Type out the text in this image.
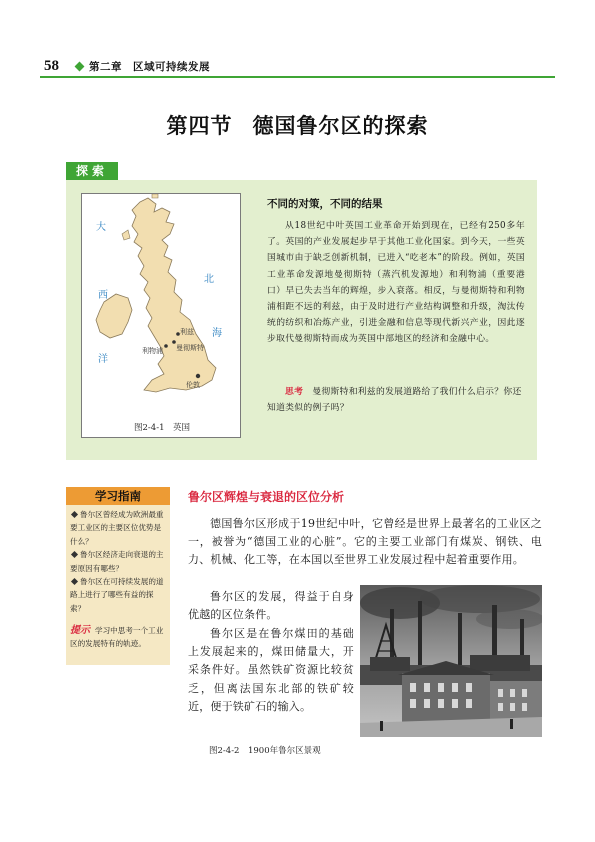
58	第二章　区域可持续发展
第四节 德国鲁尔区的探索
探索
大
西
洋
北
海
利兹
曼彻斯特
利物浦
伦敦
图2-4-1　英国
不同的对策，不同的结果
从18世纪中叶英国工业革命开始到现在，已经有250多年了。英国的产业发展起步早于其他工业化国家。到今天，一些英国城市由于缺乏创新机制，已进入“吃老本”的阶段。例如，英国工业革命发源地曼彻斯特（蒸汽机发源地）和利物浦（重要港口）早已失去当年的辉煌，步入衰落。相反，与曼彻斯特和利物浦相距不远的利兹，由于及时进行产业结构调整和升级，淘汰传统的纺织和冶炼产业，引进金融和信息等现代新兴产业，因此逐步取代曼彻斯特而成为英国中部地区的经济和金融中心。
思考　 曼彻斯特和利兹的发展道路给了我们什么启示？你还知道类似的例子吗？
学习指南
鲁尔区曾经成为欧洲最重要工业区的主要区位优势是什么？
鲁尔区经济走向衰退的主要原因有哪些？
鲁尔区在可持续发展的道路上进行了哪些有益的探索？
提示 学习中思考一个工业区的发展特有的轨迹。
鲁尔区辉煌与衰退的区位分析
德国鲁尔区形成于19世纪中叶，它曾经是世界上最著名的工业区之一，被誉为“德国工业的心脏”。它的主要工业部门有煤炭、钢铁、电力、机械、化工等，在本国以至世界工业发展过程中起着重要作用。
鲁尔区的发展，得益于自身优越的区位条件。
鲁尔区是在鲁尔煤田的基础上发展起来的，煤田储量大，开采条件好。虽然铁矿资源比较贫乏，但离法国东北部的铁矿较近，便于铁矿石的输入。
图2-4-2　1900年鲁尔区景观
